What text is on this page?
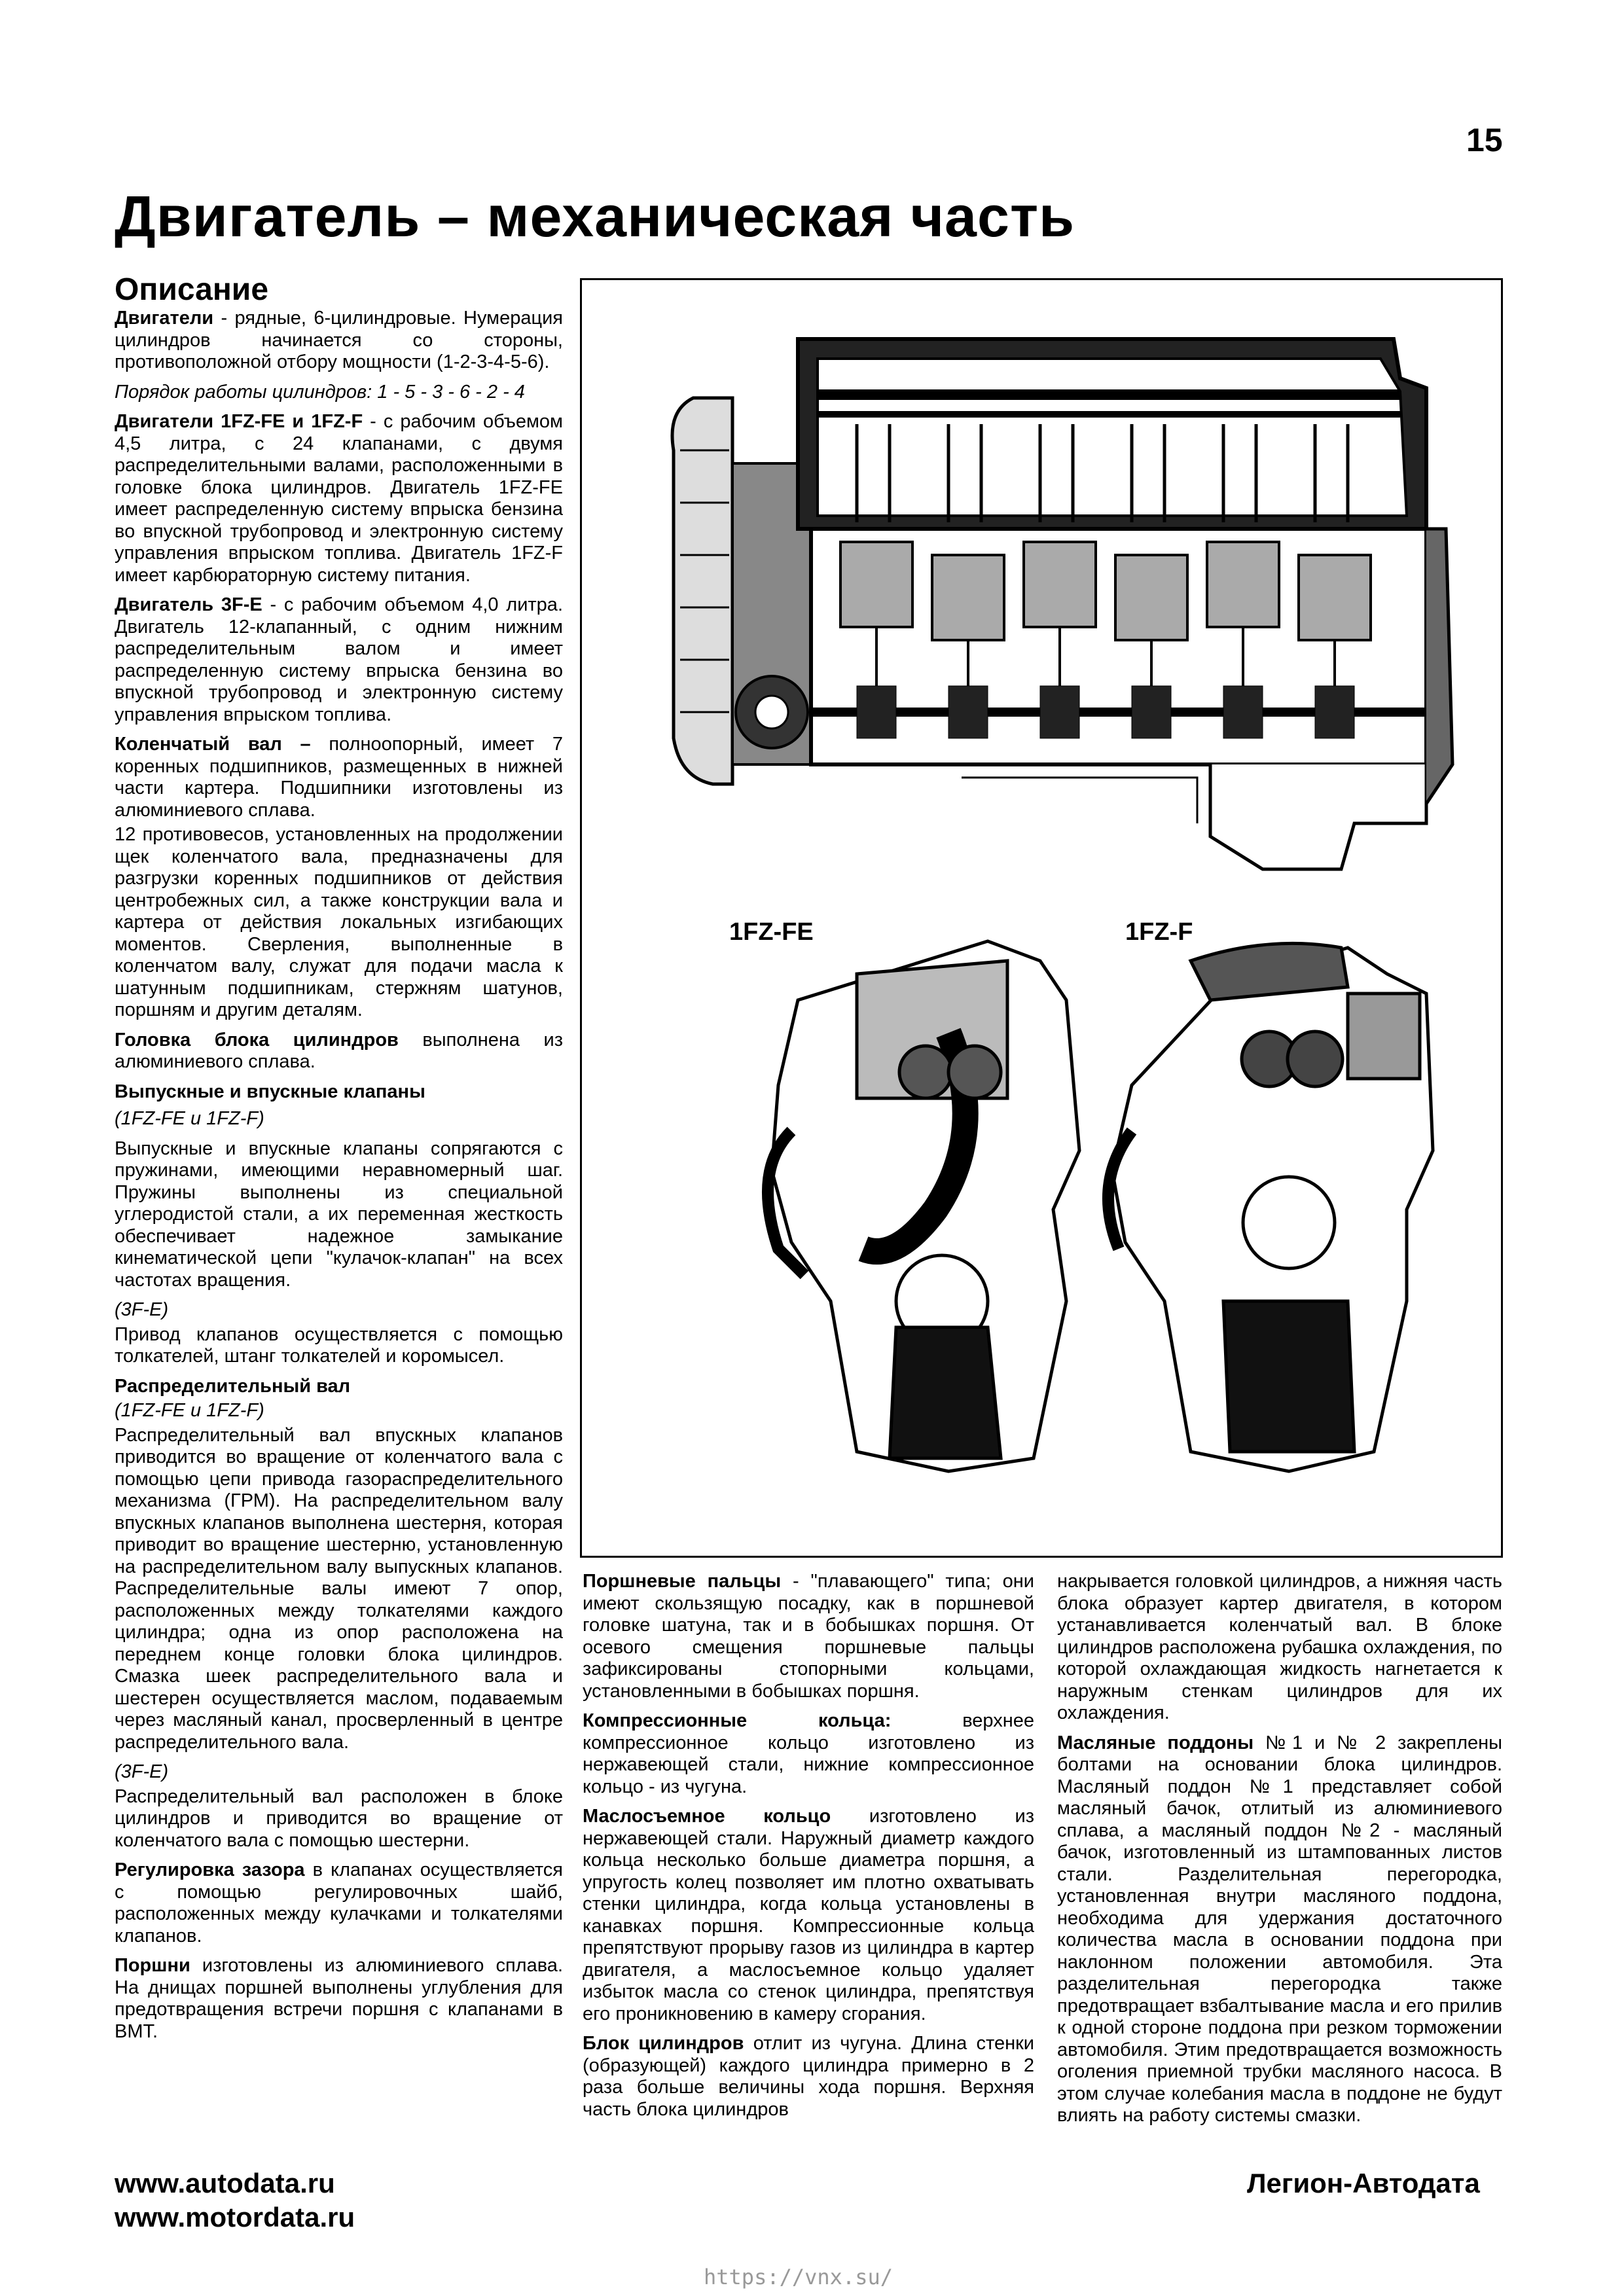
15
Двигатель – механическая часть
Описание

Двигатели - рядные, 6-цилиндровые. Нумерация цилиндров начинается со стороны, противоположной отбору мощности (1-2-3-4-5-6).

Порядок работы цилиндров: 1 - 5 - 3 - 6 - 2 - 4

Двигатели 1FZ-FE и 1FZ-F - с рабочим объемом 4,5 литра, с 24 клапанами, с двумя распределительными валами, расположенными в головке блока цилиндров. Двигатель 1FZ-FE имеет распределенную систему впрыска бензина во впускной трубопровод и электронную систему управления впрыском топлива. Двигатель 1FZ-F имеет карбюраторную систему питания.

Двигатель 3F-E - с рабочим объемом 4,0 литра. Двигатель 12-клапанный, с одним нижним распределительным валом и имеет распределенную систему впрыска бензина во впускной трубопровод и электронную систему управления впрыском топлива.

Коленчатый вал – полноопорный, имеет 7 коренных подшипников, размещенных в нижней части картера. Подшипники изготовлены из алюминиевого сплава.

12 противовесов, установленных на продолжении щек коленчатого вала, предназначены для разгрузки коренных подшипников от действия центробежных сил, а также конструкции вала и картера от действия локальных изгибающих моментов. Сверления, выполненные в коленчатом валу, служат для подачи масла к шатунным подшипникам, стержням шатунов, поршням и другим деталям.

Головка блока цилиндров выполнена из алюминиевого сплава.

Выпускные и впускные клапаны

(1FZ-FE и 1FZ-F)

Выпускные и впускные клапаны сопрягаются с пружинами, имеющими неравномерный шаг. Пружины выполнены из специальной углеродистой стали, а их переменная жесткость обеспечивает надежное замыкание кинематической цепи "кулачок-клапан" на всех частотах вращения.

(3F-E)

Привод клапанов осуществляется с помощью толкателей, штанг толкателей и коромысел.

Распределительный вал

(1FZ-FE и 1FZ-F)

Распределительный вал впускных клапанов приводится во вращение от коленчатого вала с помощью цепи привода газораспределительного механизма (ГРМ). На распределительном валу впускных клапанов выполнена шестерня, которая приводит во вращение шестерню, установленную на распределительном валу выпускных клапанов. Распределительные валы имеют 7 опор, расположенных между толкателями каждого цилиндра; одна из опор расположена на переднем конце головки блока цилиндров. Смазка шеек распределительного вала и шестерен осуществляется маслом, подаваемым через масляный канал, просверленный в центре распределительного вала.

(3F-E)

Распределительный вал расположен в блоке цилиндров и приводится во вращение от коленчатого вала с помощью шестерни.

Регулировка зазора в клапанах осуществляется с помощью регулировочных шайб, расположенных между кулачками и толкателями клапанов.

Поршни изготовлены из алюминиевого сплава. На днищах поршней выполнены углубления для предотвращения встречи поршня с клапанами в ВМТ.

1FZ-FE	1FZ-F

Поршневые пальцы - "плавающего" типа; они имеют скользящую посадку, как в поршневой головке шатуна, так и в бобышках поршня. От осевого смещения поршневые пальцы зафиксированы стопорными кольцами, установленными в бобышках поршня.

Компрессионные кольца: верхнее компрессионное кольцо изготовлено из нержавеющей стали, нижние компрессионное кольцо - из чугуна.

Маслосъемное кольцо изготовлено из нержавеющей стали. Наружный диаметр каждого кольца несколько больше диаметра поршня, а упругость колец позволяет им плотно охватывать стенки цилиндра, когда кольца установлены в канавках поршня. Компрессионные кольца препятствуют прорыву газов из цилиндра в картер двигателя, а маслосъемное кольцо удаляет избыток масла со стенок цилиндра, препятствуя его проникновению в камеру сгорания.

Блок цилиндров отлит из чугуна. Длина стенки (образующей) каждого цилиндра примерно в 2 раза больше величины хода поршня. Верхняя часть блока цилиндров

накрывается головкой цилиндров, а нижняя часть блока образует картер двигателя, в котором устанавливается коленчатый вал. В блоке цилиндров расположена рубашка охлаждения, по которой охлаждающая жидкость нагнетается к наружным стенкам цилиндров для их охлаждения.

Масляные поддоны №1 и № 2 закреплены болтами на основании блока цилиндров. Масляный поддон №1 представляет собой масляный бачок, отлитый из алюминиевого сплава, а масляный поддон №2 - масляный бачок, изготовленный из штампованных листов стали. Разделительная перегородка, установленная внутри масляного поддона, необходима для удержания достаточного количества масла в основании поддона при наклонном положении автомобиля. Эта разделительная перегородка также предотвращает взбалтывание масла и его прилив к одной стороне поддона при резком торможении автомобиля. Этим предотвращается возможность оголения приемной трубки масляного насоса. В этом случае колебания масла в поддоне не будут влиять на работу системы смазки.

www.autodata.ru
www.motordata.ru
Легион-Автодата
https://vnx.su/
